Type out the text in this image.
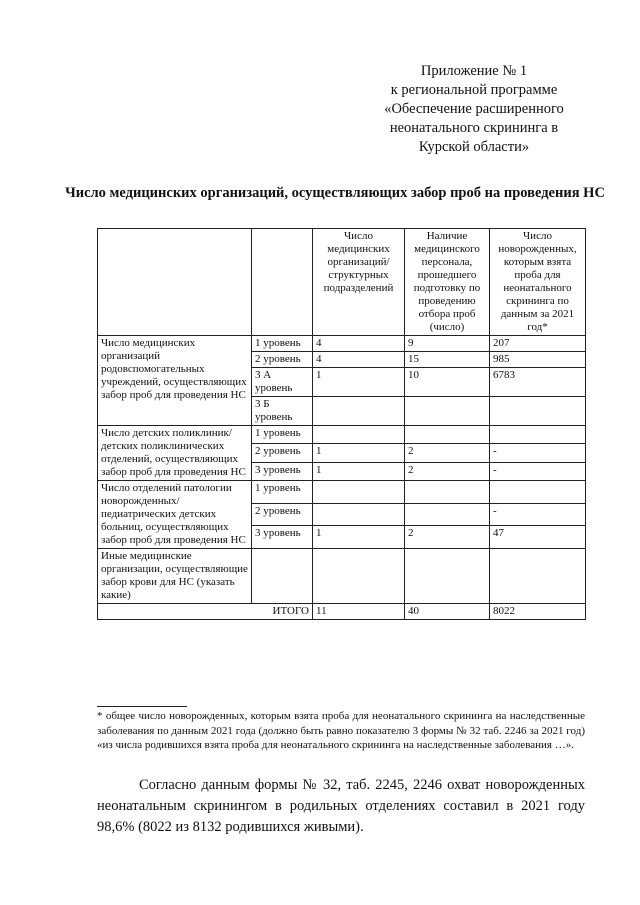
Приложение № 1
к региональной программе
«Обеспечение расширенного
неонатального скрининга в
Курской области»
Число медицинских организаций, осуществляющих забор проб на проведения НС
		Число медицинских организаций/ структурных подразделений	Наличие медицинского персонала, прошедшего подготовку по проведению отбора проб (число)	Число новорожденных, которым взята проба для неонатального скрининга по данным за 2021 год*
Число медицинских организаций родовспомогательных учреждений, осуществляющих забор проб для проведения НС	1 уровень	4	9	207
	2 уровень	4	15	985
	3 А уровень	1	10	6783
	3 Б уровень			
Число детских поликлиник/детских поликлинических отделений, осуществляющих забор проб для проведения НС	1 уровень			
	2 уровень	1	2	-
	3 уровень	1	2	-
Число отделений патологии новорожденных/педиатрических детских больниц, осуществляющих забор проб для проведения НС	1 уровень			
	2 уровень			-
	3 уровень	1	2	47
Иные медицинские организации, осуществляющие забор крови для НС (указать какие)				
ИТОГО		11	40	8022
* общее число новорожденных, которым взята проба для неонатального скрининга на наследственные заболевания по данным 2021 года (должно быть равно показателю 3 формы № 32 таб. 2246 за 2021 год) «из числа родившихся взята проба для неонатального скрининга на наследственные заболевания …».
Согласно данным формы № 32, таб. 2245, 2246 охват новорожденных неонатальным скринингом в родильных отделениях составил в 2021 году 98,6% (8022 из 8132 родившихся живыми).
